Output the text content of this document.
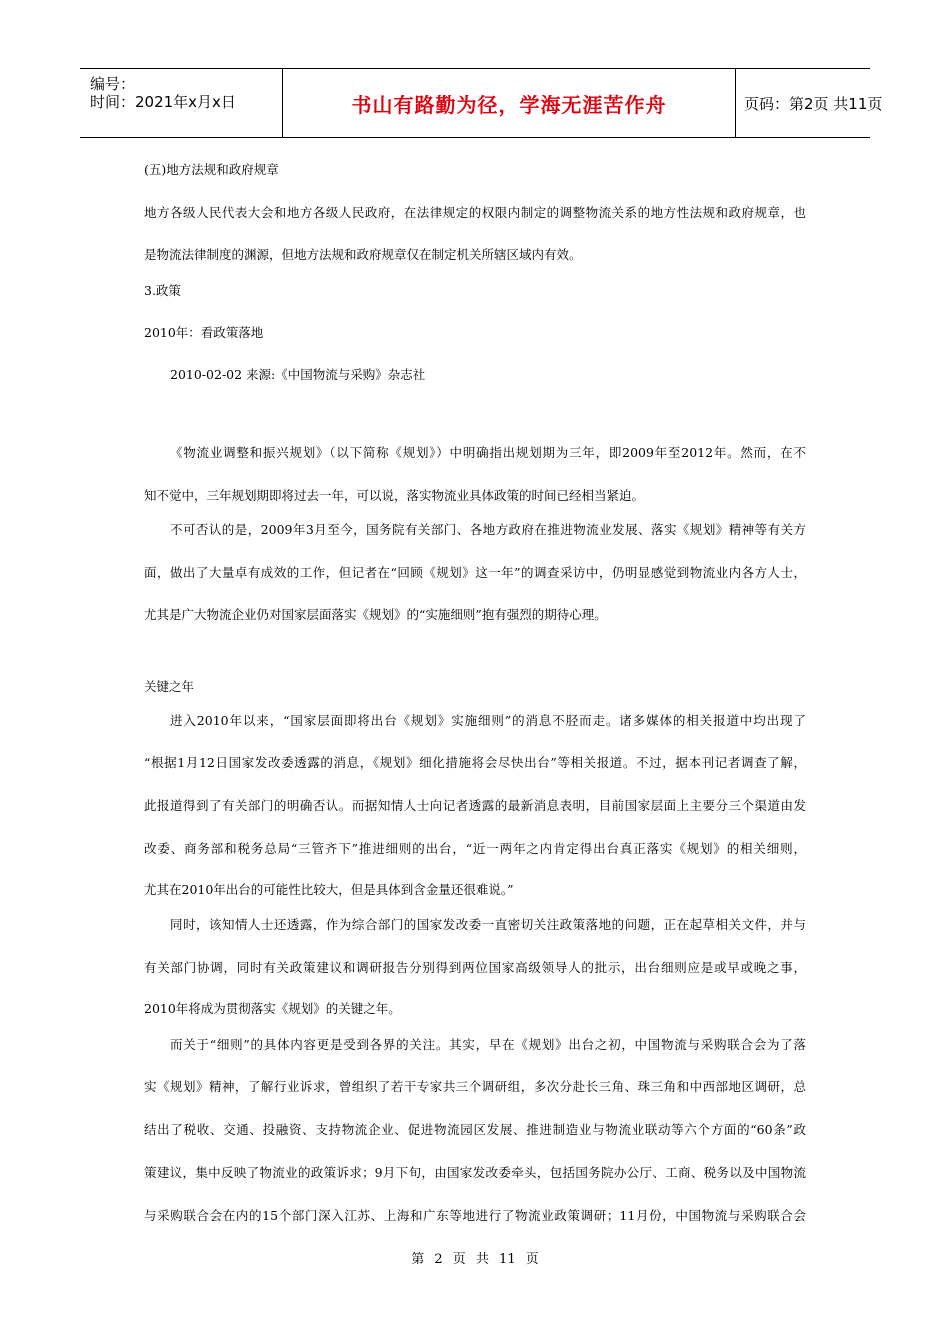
编号：
时间：2021年x月x日	书山有路勤为径，学海无涯苦作舟	页码：第2页 共11页
(五)地方法规和政府规章
地方各级人民代表大会和地方各级人民政府，在法律规定的权限内制定的调整物流关系的地方性法规和政府规章，也
是物流法律制度的渊源，但地方法规和政府规章仅在制定机关所辖区域内有效。
3.政策
2010年：看政策落地
2010-02-02 来源:《中国物流与采购》杂志社
《物流业调整和振兴规划》（以下简称《规划》）中明确指出规划期为三年，即2009年至2012年。然而，在不
知不觉中，三年规划期即将过去一年，可以说，落实物流业具体政策的时间已经相当紧迫。
不可否认的是，2009年3月至今，国务院有关部门、各地方政府在推进物流业发展、落实《规划》精神等有关方
面，做出了大量卓有成效的工作，但记者在“回顾《规划》这一年”的调查采访中，仍明显感觉到物流业内各方人士，
尤其是广大物流企业仍对国家层面落实《规划》的“实施细则”抱有强烈的期待心理。
关键之年
进入2010年以来，“国家层面即将出台《规划》实施细则”的消息不胫而走。诸多媒体的相关报道中均出现了
“根据1月12日国家发改委透露的消息，《规划》细化措施将会尽快出台”等相关报道。不过，据本刊记者调查了解，
此报道得到了有关部门的明确否认。而据知情人士向记者透露的最新消息表明，目前国家层面上主要分三个渠道由发
改委、商务部和税务总局“三管齐下”推进细则的出台，“近一两年之内肯定得出台真正落实《规划》的相关细则，
尤其在2010年出台的可能性比较大，但是具体到含金量还很难说。”
同时，该知情人士还透露，作为综合部门的国家发改委一直密切关注政策落地的问题，正在起草相关文件，并与
有关部门协调，同时有关政策建议和调研报告分别得到两位国家高级领导人的批示，出台细则应是或早或晚之事，
2010年将成为贯彻落实《规划》的关键之年。
而关于“细则”的具体内容更是受到各界的关注。其实，早在《规划》出台之初，中国物流与采购联合会为了落
实《规划》精神，了解行业诉求，曾组织了若干专家共三个调研组，多次分赴长三角、珠三角和中西部地区调研，总
结出了税收、交通、投融资、支持物流企业、促进物流园区发展、推进制造业与物流业联动等六个方面的“60条”政
策建议，集中反映了物流业的政策诉求；9月下旬，由国家发改委牵头，包括国务院办公厅、工商、税务以及中国物流
与采购联合会在内的15个部门深入江苏、上海和广东等地进行了物流业政策调研；11月份，中国物流与采购联合会
第 2 页 共 11 页
